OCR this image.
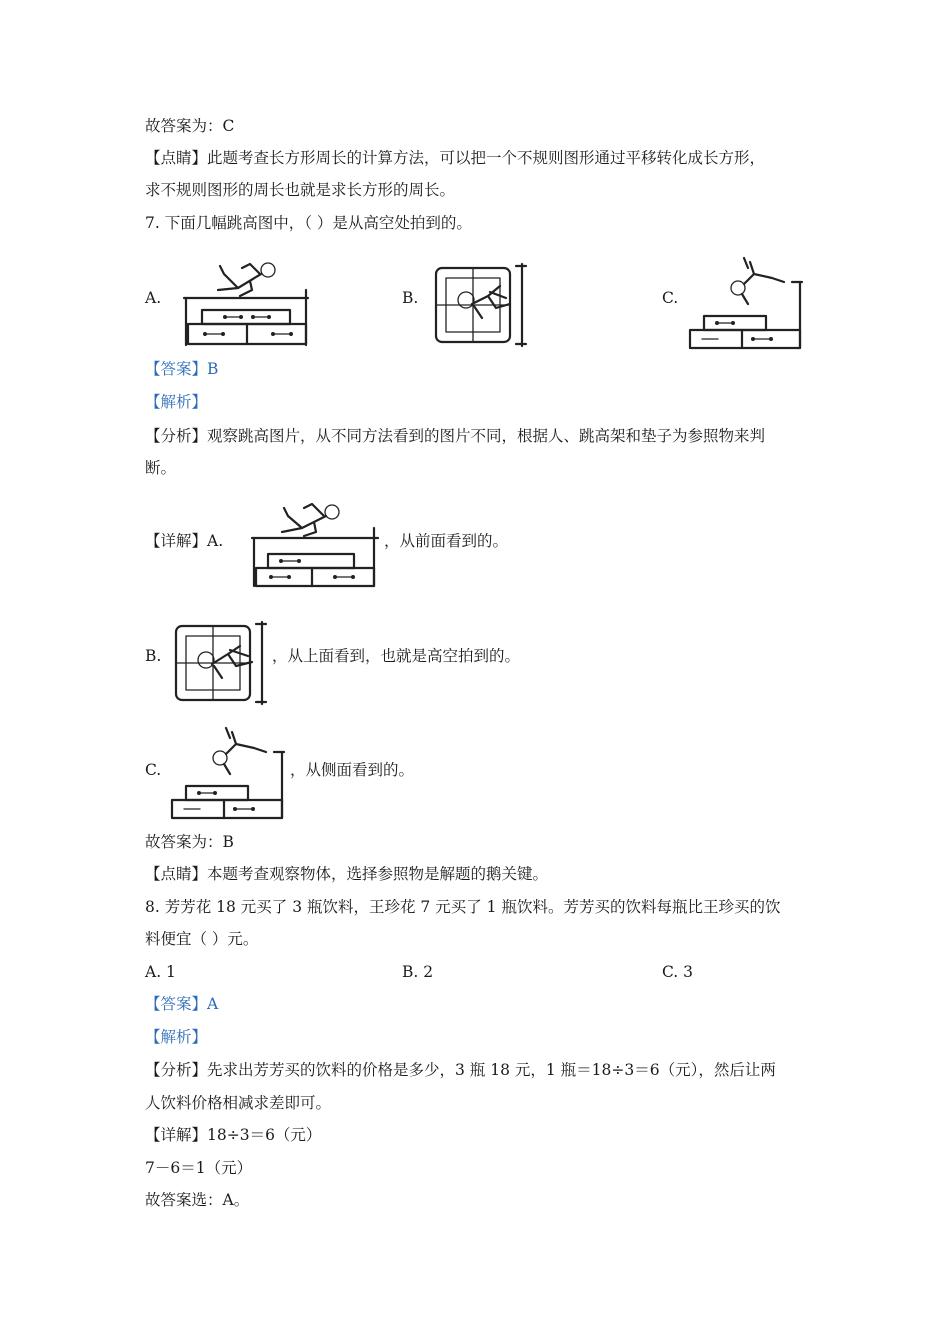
故答案为：C
【点睛】此题考查长方形周长的计算方法，可以把一个不规则图形通过平移转化成长方形，
求不规则图形的周长也就是求长方形的周长。
7. 下面几幅跳高图中，（ ）是从高空处拍到的。
A.	B.	C.
【答案】B
【解析】
【分析】观察跳高图片，从不同方法看到的图片不同，根据人、跳高架和垫子为参照物来判
断。
【详解】A.	，从前面看到的。
B.	，从上面看到，也就是高空拍到的。
C.	，从侧面看到的。
故答案为：B
【点睛】本题考查观察物体，选择参照物是解题的鹅关键。
8. 芳芳花 18 元买了 3 瓶饮料，王珍花 7 元买了 1 瓶饮料。芳芳买的饮料每瓶比王珍买的饮
料便宜（ ）元。
A. 1	B. 2	C. 3
【答案】A
【解析】
【分析】先求出芳芳买的饮料的价格是多少，3 瓶 18 元，1 瓶＝18÷3＝6（元），然后让两
人饮料价格相减求差即可。
【详解】18÷3＝6（元）
7－6＝1（元）
故答案选：A。
